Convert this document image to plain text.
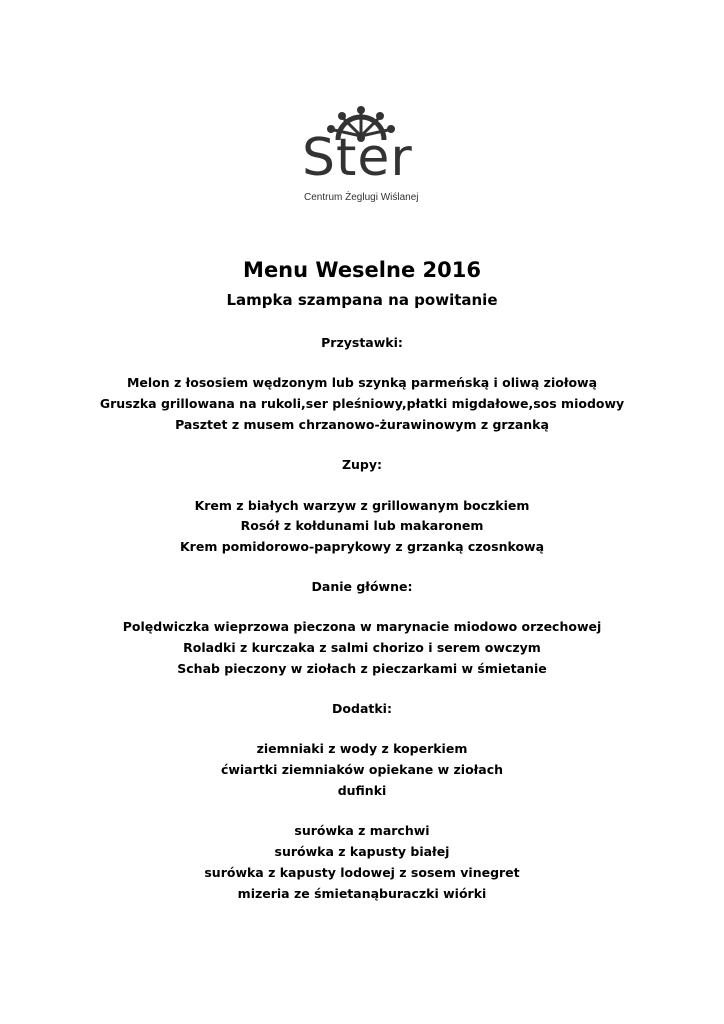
Ster
Centrum Żeglugi Wiślanej
Menu Weselne 2016
Lampka szampana na powitanie
Przystawki:
Melon z łososiem wędzonym lub szynką parmeńską i oliwą ziołową
Gruszka grillowana na rukoli,ser pleśniowy,płatki migdałowe,sos miodowy
Pasztet z musem chrzanowo-żurawinowym z grzanką
Zupy:
Krem z białych warzyw z grillowanym boczkiem
Rosół z kołdunami lub makaronem
Krem pomidorowo-paprykowy z grzanką czosnkową
Danie główne:
Polędwiczka wieprzowa pieczona w marynacie miodowo orzechowej
Roladki z kurczaka z salmi chorizo i serem owczym
Schab pieczony w ziołach z pieczarkami w śmietanie
Dodatki:
ziemniaki z wody z koperkiem
ćwiartki ziemniaków opiekane w ziołach
dufinki
surówka z marchwi
surówka z kapusty białej
surówka z kapusty lodowej z sosem vinegret
mizeria ze śmietanąburaczki wiórki
